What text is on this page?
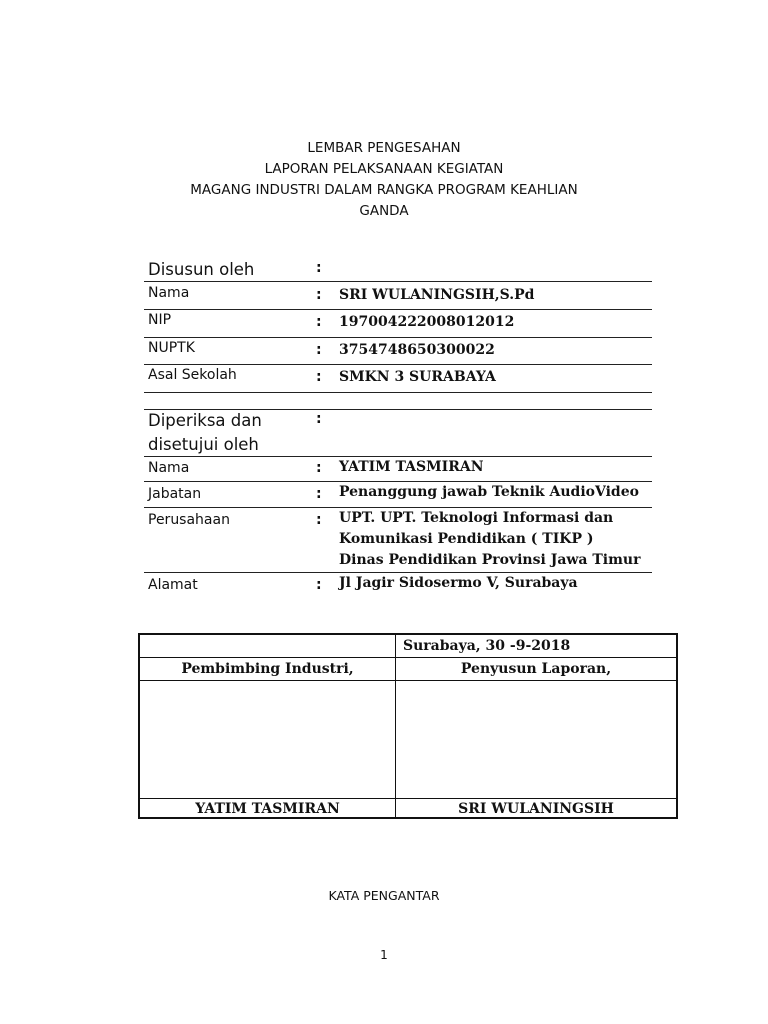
LEMBAR PENGESAHAN
LAPORAN PELAKSANAAN KEGIATAN
MAGANG INDUSTRI DALAM RANGKA PROGRAM KEAHLIAN
GANDA
Disusun oleh	:
Nama	: SRI WULANINGSIH,S.Pd
NIP	: 197004222008012012
NUPTK	: 3754748650300022
Asal Sekolah	: SMKN 3 SURABAYA
Diperiksa dan
disetujui oleh
:
Nama	: YATIM TASMIRAN
Jabatan	: Penanggung jawab Teknik AudioVideo
Perusahaan	: UPT. UPT. Teknologi Informasi dan
Komunikasi Pendidikan ( TIKP )
Dinas Pendidikan Provinsi Jawa Timur
Alamat	: Jl Jagir Sidosermo V, Surabaya
Surabaya, 30 -9-2018
Pembimbing Industri,	Penyusun Laporan,
YATIM TASMIRAN	SRI WULANINGSIH
KATA PENGANTAR
1
